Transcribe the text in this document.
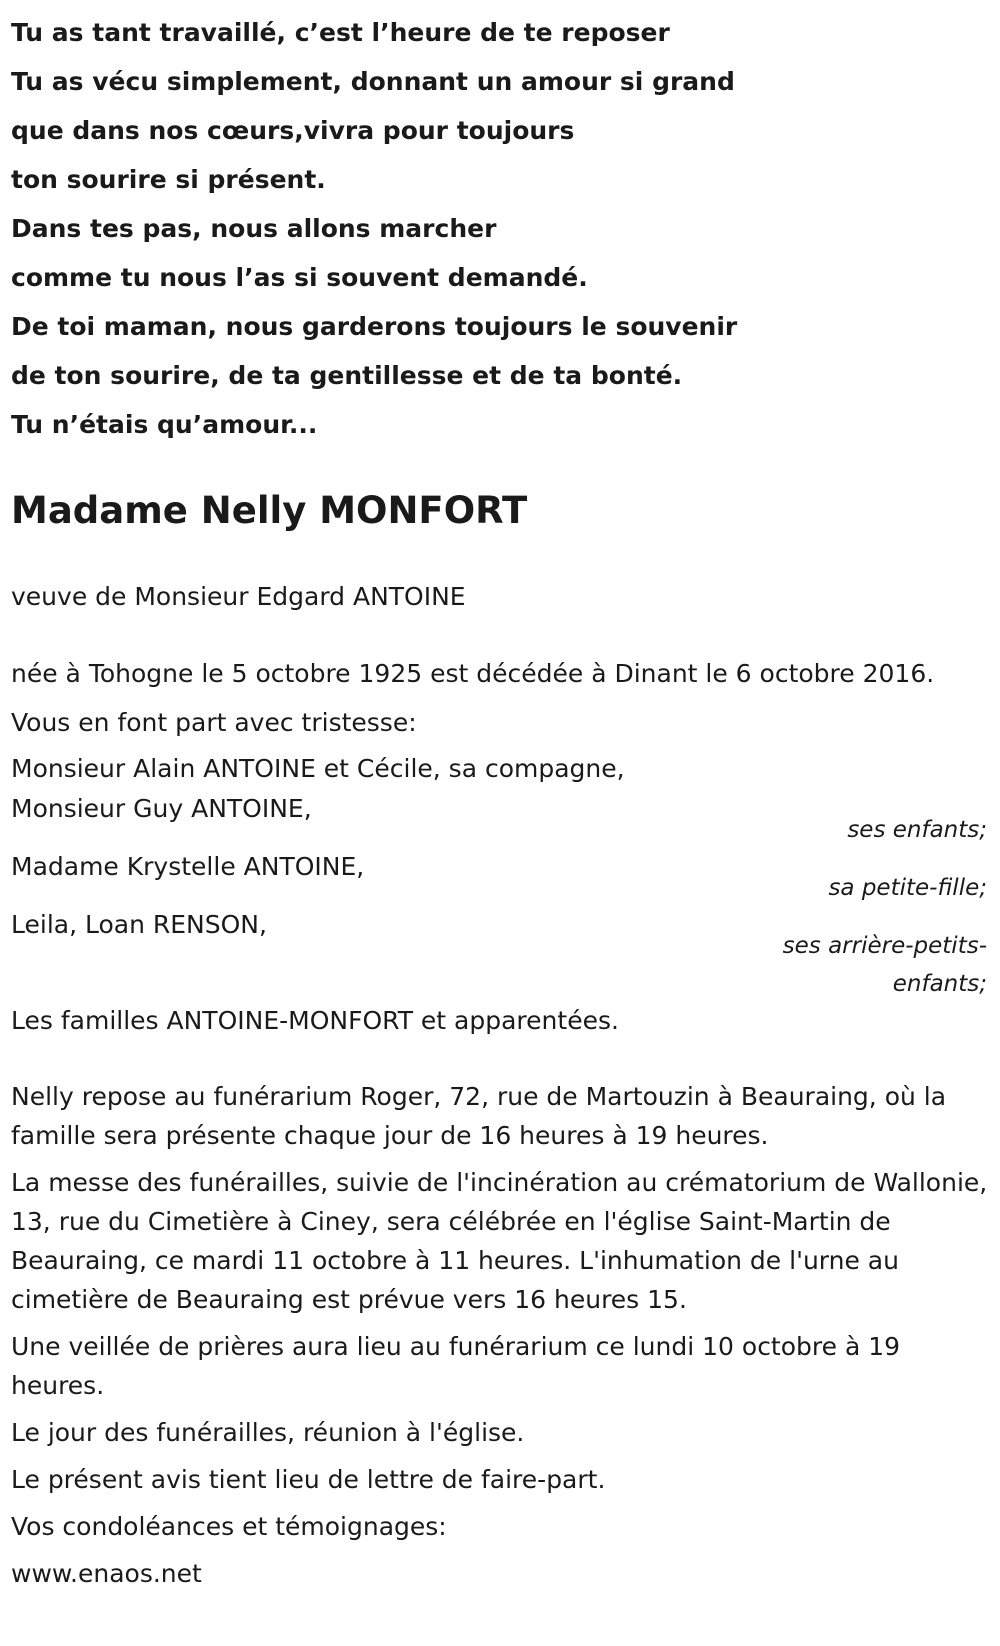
Tu as tant travaillé, c’est l’heure de te reposer
Tu as vécu simplement, donnant un amour si grand
que dans nos cœurs,vivra pour toujours
ton sourire si présent.
Dans tes pas, nous allons marcher
comme tu nous l’as si souvent demandé.
De toi maman, nous garderons toujours le souvenir
de ton sourire, de ta gentillesse et de ta bonté.
Tu n’étais qu’amour...
Madame Nelly MONFORT
veuve de Monsieur Edgard ANTOINE
née à Tohogne le 5 octobre 1925 est décédée à Dinant le 6 octobre 2016.
Vous en font part avec tristesse:
Monsieur Alain ANTOINE et Cécile, sa compagne,
Monsieur Guy ANTOINE,
ses enfants;
Madame Krystelle ANTOINE,
sa petite-fille;
Leila, Loan RENSON,
ses arrière-petits-
enfants;
Les familles ANTOINE-MONFORT et apparentées.
Nelly repose au funérarium Roger, 72, rue de Martouzin à Beauraing, où la famille sera présente chaque jour de 16 heures à 19 heures.
La messe des funérailles, suivie de l'incinération au crématorium de Wallonie, 13, rue du Cimetière à Ciney, sera célébrée en l'église Saint-Martin de Beauraing, ce mardi 11 octobre à 11 heures. L'inhumation de l'urne au cimetière de Beauraing est prévue vers 16 heures 15.
Une veillée de prières aura lieu au funérarium ce lundi 10 octobre à 19 heures.
Le jour des funérailles, réunion à l'église.
Le présent avis tient lieu de lettre de faire-part.
Vos condoléances et témoignages:
www.enaos.net
